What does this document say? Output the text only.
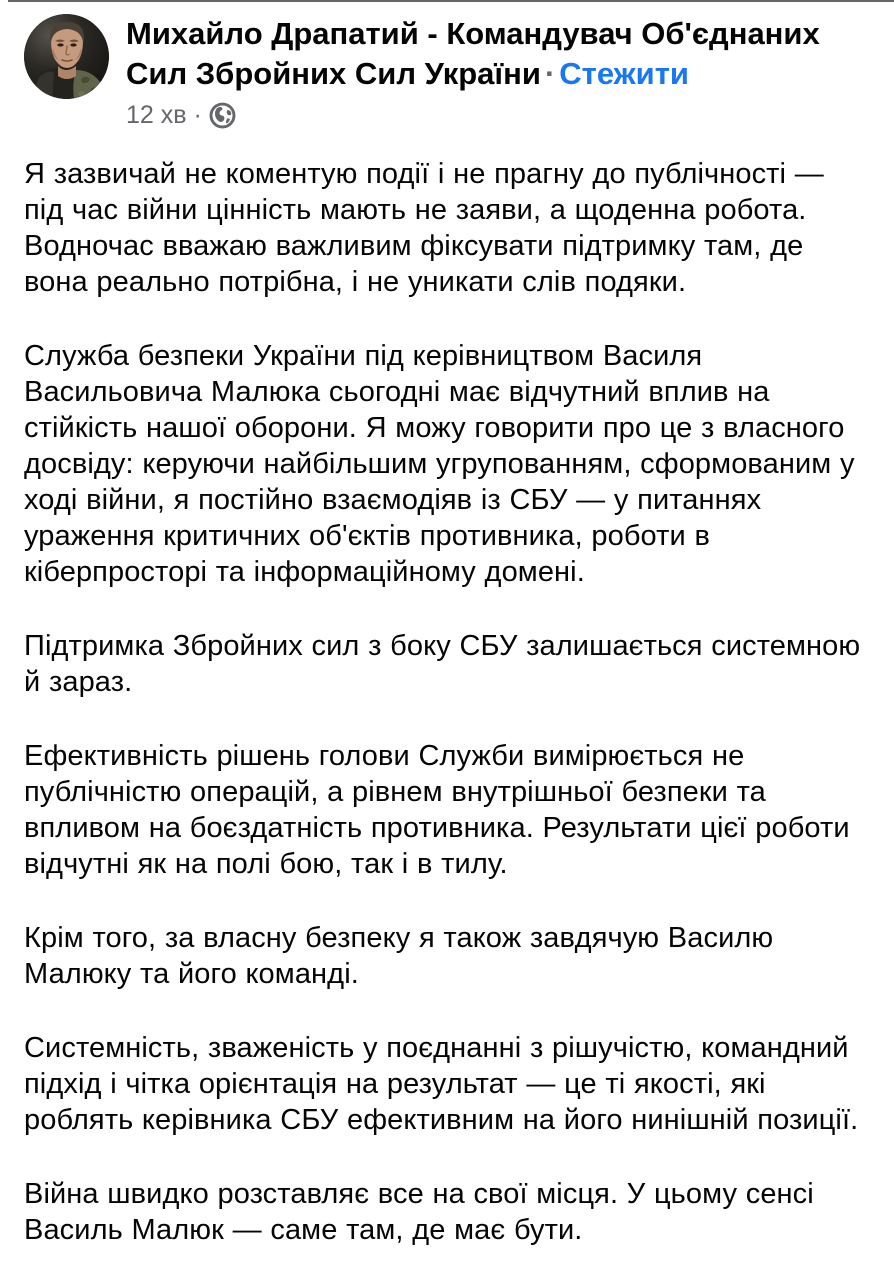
Михайло Драпатий - Командувач Об'єднаних Сил Збройних Сил України · Стежити
12 хв ·

Я зазвичай не коментую події і не прагну до публічності — під час війни цінність мають не заяви, а щоденна робота. Водночас вважаю важливим фіксувати підтримку там, де вона реально потрібна, і не уникати слів подяки.

Служба безпеки України під керівництвом Василя Васильовича Малюка сьогодні має відчутний вплив на стійкість нашої оборони. Я можу говорити про це з власного досвіду: керуючи найбільшим угрупованням, сформованим у ході війни, я постійно взаємодіяв із СБУ — у питаннях ураження критичних об'єктів противника, роботи в кіберпросторі та інформаційному домені.

Підтримка Збройних сил з боку СБУ залишається системною й зараз.

Ефективність рішень голови Служби вимірюється не публічністю операцій, а рівнем внутрішньої безпеки та впливом на боєздатність противника. Результати цієї роботи відчутні як на полі бою, так і в тилу.

Крім того, за власну безпеку я також завдячую Василю Малюку та його команді.

Системність, зваженість у поєднанні з рішучістю, командний підхід і чітка орієнтація на результат — це ті якості, які роблять керівника СБУ ефективним на його нинішній позиції.

Війна швидко розставляє все на свої місця. У цьому сенсі Василь Малюк — саме там, де має бути.
